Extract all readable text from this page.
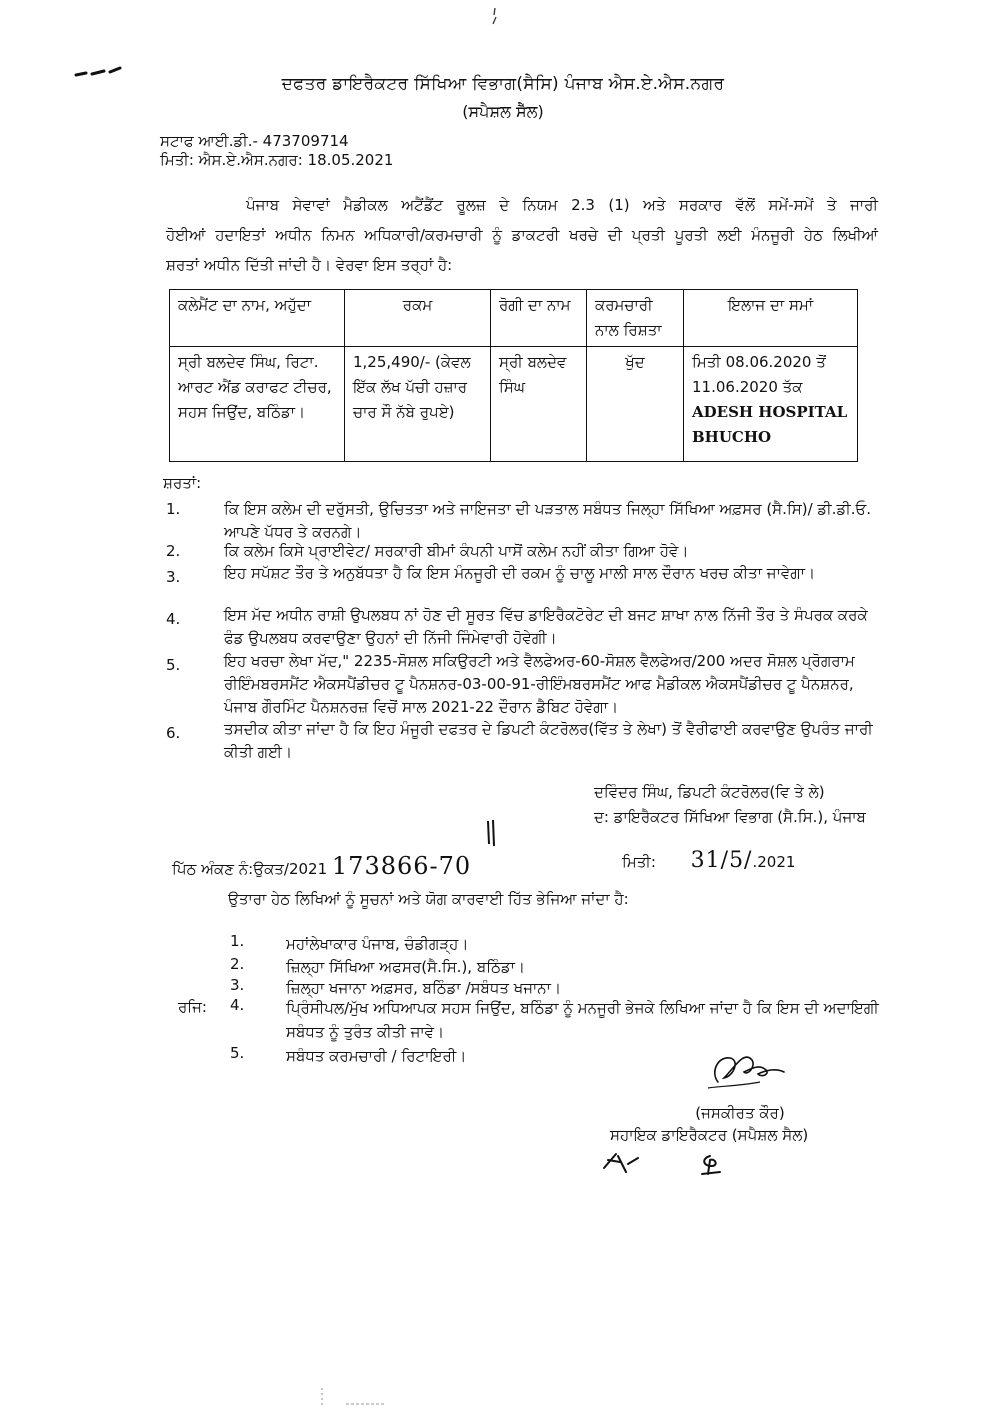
ਦਫਤਰ ਡਾਇਰੈਕਟਰ ਸਿੱਖਿਆ ਵਿਭਾਗ(ਸੈਸਿ) ਪੰਜਾਬ ਐਸ.ਏ.ਐਸ.ਨਗਰ
(ਸਪੈਸ਼ਲ ਸੈੱਲ)
ਸਟਾਫ ਆਈ.ਡੀ.- 473709714
ਮਿਤੀ: ਐਸ.ਏ.ਐਸ.ਨਗਰ: 18.05.2021

ਪੰਜਾਬ ਸੇਵਾਵਾਂ ਮੈਡੀਕਲ ਅਟੈਂਡੈਂਟ ਰੂਲਜ਼ ਦੇ ਨਿਯਮ 2.3 (1) ਅਤੇ ਸਰਕਾਰ ਵੱਲੋਂ ਸਮੇਂ-ਸਮੇਂ ਤੇ ਜਾਰੀ

ਹੋਈਆਂ ਹਦਾਇਤਾਂ ਅਧੀਨ ਨਿਮਨ ਅਧਿਕਾਰੀ/ਕਰਮਚਾਰੀ ਨੂੰ ਡਾਕਟਰੀ ਖਰਚੇ ਦੀ ਪ੍ਰਤੀ ਪੂਰਤੀ ਲਈ ਮੰਨਜੂਰੀ ਹੇਠ ਲਿਖੀਆਂ

ਸ਼ਰਤਾਂ ਅਧੀਨ ਦਿੱਤੀ ਜਾਂਦੀ ਹੈ। ਵੇਰਵਾ ਇਸ ਤਰ੍ਹਾਂ ਹੈ:

ਕਲੇਮੈਂਟ ਦਾ ਨਾਮ, ਅਹੁੱਦਾ	ਰਕਮ	ਰੋਗੀ ਦਾ ਨਾਮ	ਕਰਮਚਾਰੀ ਨਾਲ ਰਿਸ਼ਤਾ	ਇਲਾਜ ਦਾ ਸਮਾਂ
ਸ੍ਰੀ ਬਲਦੇਵ ਸਿੰਘ, ਰਿਟਾ. ਆਰਟ ਐਂਡ ਕਰਾਫਟ ਟੀਚਰ, ਸਹਸ ਜਿਉਂਦ, ਬਠਿੰਡਾ।	1,25,490/- (ਕੇਵਲ ਇੱਕ ਲੱਖ ਪੱਚੀ ਹਜ਼ਾਰ ਚਾਰ ਸੌ ਨੱਬੇ ਰੁਪਏ)	ਸ੍ਰੀ ਬਲਦੇਵ ਸਿੰਘ	ਖੁੱਦ	ਮਿਤੀ 08.06.2020 ਤੋਂ 11.06.2020 ਤੱਕ
ADESH HOSPITAL BHUCHO
ਸ਼ਰਤਾਂ:
1.	ਕਿ ਇਸ ਕਲੇਮ ਦੀ ਦਰੁੱਸਤੀ, ਉਚਿਤਤਾ ਅਤੇ ਜਾਇਜਤਾ ਦੀ ਪੜਤਾਲ ਸਬੰਧਤ ਜਿਲ੍ਹਾ ਸਿੱਖਿਆ ਅਫ਼ਸਰ (ਸੈ.ਸਿ)/ ਡੀ.ਡੀ.ਓ. ਆਪਣੇ ਪੱਧਰ ਤੇ ਕਰਨਗੇ।
2.	ਕਿ ਕਲੇਮ ਕਿਸੇ ਪ੍ਰਾਈਵੇਟ/ ਸਰਕਾਰੀ ਬੀਮਾਂ ਕੰਪਨੀ ਪਾਸੋਂ ਕਲੇਮ ਨਹੀਂ ਕੀਤਾ ਗਿਆ ਹੋਵੇ।
3.	ਇਹ ਸਪੱਸ਼ਟ ਤੌਰ ਤੇ ਅਨੁਬੱਧਤਾ ਹੈ ਕਿ ਇਸ ਮੰਨਜੂਰੀ ਦੀ ਰਕਮ ਨੂੰ ਚਾਲੂ ਮਾਲੀ ਸਾਲ ਦੌਰਾਨ ਖਰਚ ਕੀਤਾ ਜਾਵੇਗਾ।
4.	ਇਸ ਮੱਦ ਅਧੀਨ ਰਾਸ਼ੀ ਉਪਲਬਧ ਨਾਂ ਹੋਣ ਦੀ ਸੂਰਤ ਵਿੱਚ ਡਾਇਰੈਕਟੋਰੇਟ ਦੀ ਬਜਟ ਸ਼ਾਖਾ ਨਾਲ ਨਿੱਜੀ ਤੌਰ ਤੇ ਸੰਪਰਕ ਕਰਕੇ ਫੰਡ ਉਪਲਬਧ ਕਰਵਾਉਣਾ ਉਹਨਾਂ ਦੀ ਨਿੱਜੀ ਜਿੰਮੇਵਾਰੀ ਹੋਵੇਗੀ।
5.	ਇਹ ਖਰਚਾ ਲੇਖਾ ਮੱਦ," 2235-ਸੋਸ਼ਲ ਸਕਿਉਰਟੀ ਅਤੇ ਵੈਲਫੇਅਰ-60-ਸੋਸ਼ਲ ਵੈਲਫੇਅਰ/200 ਅਦਰ ਸੋਸ਼ਲ ਪ੍ਰੋਗਰਾਮ ਰੀਇੰਮਬਰਸਮੈਂਟ ਐਕਸਪੈਂਡੀਚਰ ਟੂ ਪੈਨਸ਼ਨਰ-03-00-91-ਰੀਇੰਮਬਰਸਮੈਂਟ ਆਫ ਮੈਡੀਕਲ ਐਕਸਪੈਂਡੀਚਰ ਟੂ ਪੈਨਸ਼ਨਰ, ਪੰਜਾਬ ਗੌਰਮਿੰਟ ਪੈਨਸ਼ਨਰਜ਼ ਵਿਚੋਂ ਸਾਲ 2021-22 ਦੌਰਾਨ ਡੈਬਿਟ ਹੋਵੇਗਾ।
6.	ਤਸਦੀਕ ਕੀਤਾ ਜਾਂਦਾ ਹੈ ਕਿ ਇਹ ਮੰਜੂਰੀ ਦਫਤਰ ਦੇ ਡਿਪਟੀ ਕੰਟਰੋਲਰ(ਵਿੱਤ ਤੇ ਲੇਖਾ) ਤੋਂ ਵੈਰੀਫਾਈ ਕਰਵਾਉਣ ਉਪਰੰਤ ਜਾਰੀ ਕੀਤੀ ਗਈ।
ਦਵਿੰਦਰ ਸਿੰਘ, ਡਿਪਟੀ ਕੰਟਰੋਲਰ(ਵਿ ਤੇ ਲੇ)
ਦ: ਡਾਇਰੈਕਟਰ ਸਿੱਖਿਆ ਵਿਭਾਗ (ਸੈ.ਸਿ.), ਪੰਜਾਬ
ਪਿੱਠ ਅੰਕਣ ਨੰ:ਉਕਤ/2021 173866-70	ਮਿਤੀ: 31/5/.2021
ਉਤਾਰਾ ਹੇਠ ਲਿਖਿਆਂ ਨੂੰ ਸੂਚਨਾਂ ਅਤੇ ਯੋਗ ਕਾਰਵਾਈ ਹਿੱਤ ਭੇਜਿਆ ਜਾਂਦਾ ਹੈ:
1.	ਮਹਾਂਲੇਖਾਕਾਰ ਪੰਜਾਬ, ਚੰਡੀਗੜ੍ਹ।
2.	ਜ਼ਿਲ੍ਹਾ ਸਿੱਖਿਆ ਅਫਸਰ(ਸੈ.ਸਿ.), ਬਠਿੰਡਾ।
3.	ਜ਼ਿਲ੍ਹਾ ਖਜਾਨਾ ਅਫ਼ਸਰ, ਬਠਿੰਡਾ /ਸਬੰਧਤ ਖਜਾਨਾ।
ਰਜਿ: 4.	ਪ੍ਰਿੰਸੀਪਲ/ਮੁੱਖ ਅਧਿਆਪਕ ਸਹਸ ਜਿਉਂਦ, ਬਠਿੰਡਾ ਨੂੰ ਮਨਜੂਰੀ ਭੇਜਕੇ ਲਿਖਿਆ ਜਾਂਦਾ ਹੈ ਕਿ ਇਸ ਦੀ ਅਦਾਇਗੀ ਸਬੰਧਤ ਨੂੰ ਤੁਰੰਤ ਕੀਤੀ ਜਾਵੇ।
5.	ਸਬੰਧਤ ਕਰਮਚਾਰੀ / ਰਿਟਾਇਰੀ।
(ਜਸਕੀਰਤ ਕੌਰ)
ਸਹਾਇਕ ਡਾਇਰੈਕਟਰ (ਸਪੈਸ਼ਲ ਸੈਲ)
